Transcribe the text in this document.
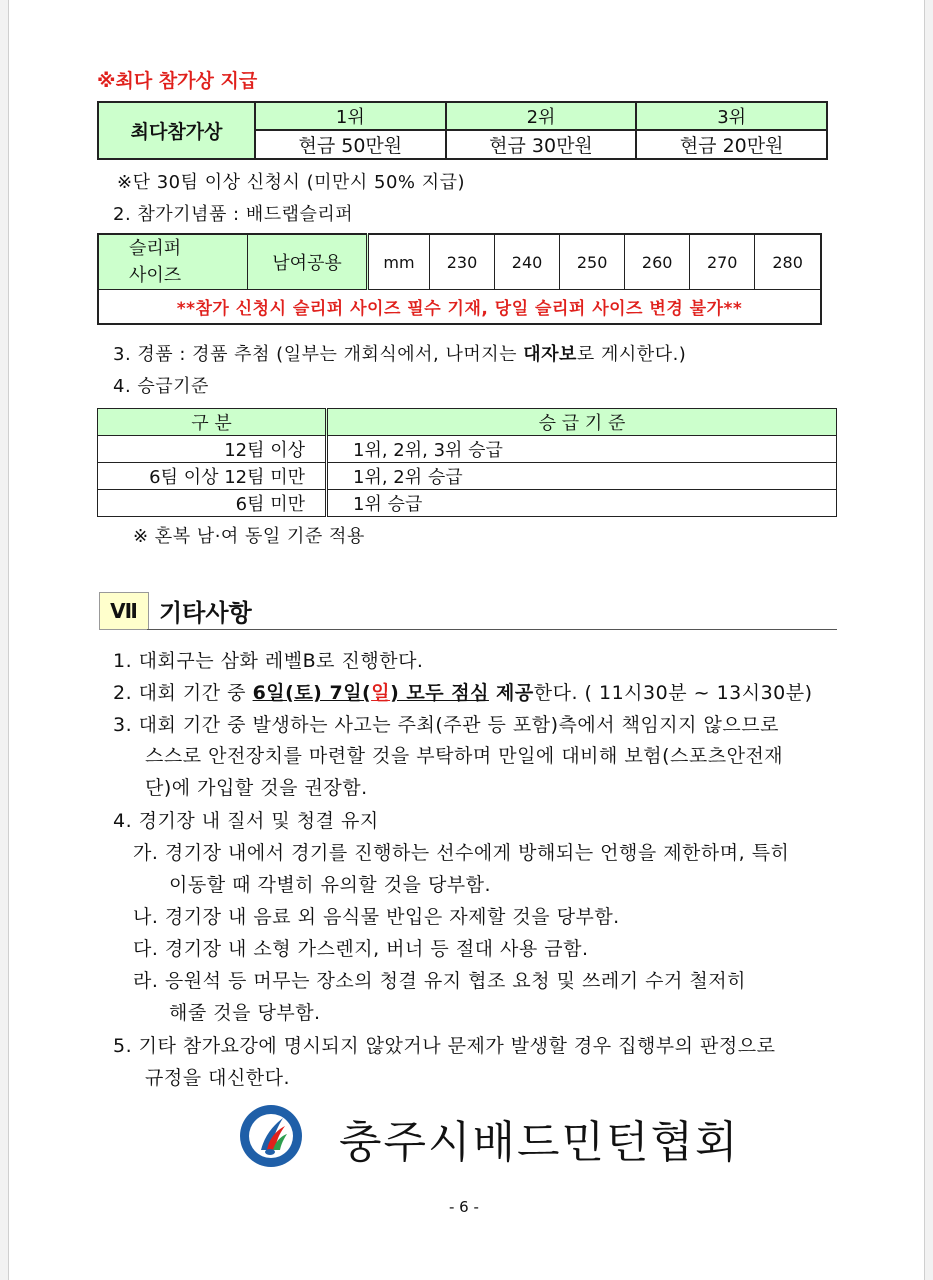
※최다 참가상 지급
최다참가상	1위	2위	3위
	현금 50만원	현금 30만원	현금 20만원
※단 30팀 이상 신청시 (미만시 50% 지급)
2. 참가기념품 : 배드랩슬리퍼
슬리퍼
사이즈	남여공용	mm	230	240	250	260	270	280
**참가 신청시 슬리퍼 사이즈 필수 기재, 당일 슬리퍼 사이즈 변경 불가**
3. 경품 : 경품 추첨 (일부는 개회식에서, 나머지는 대자보로 게시한다.)
4. 승급기준
구 분	승 급 기 준
12팀 이상	1위, 2위, 3위 승급
6팀 이상 12팀 미만	1위, 2위 승급
6팀 미만	1위 승급
※ 혼복 남·여 동일 기준 적용
Ⅶ 기타사항
1. 대회구는 삼화 레벨B로 진행한다.
2. 대회 기간 중 6일(토) 7일(일) 모두 점심 제공한다. ( 11시30분 ~ 13시30분)
3. 대회 기간 중 발생하는 사고는 주최(주관 등 포함)측에서 책임지지 않으므로
스스로 안전장치를 마련할 것을 부탁하며 만일에 대비해 보험(스포츠안전재
단)에 가입할 것을 권장함.
4. 경기장 내 질서 및 청결 유지
가. 경기장 내에서 경기를 진행하는 선수에게 방해되는 언행을 제한하며, 특히
이동할 때 각별히 유의할 것을 당부함.
나. 경기장 내 음료 외 음식물 반입은 자제할 것을 당부함.
다. 경기장 내 소형 가스렌지, 버너 등 절대 사용 금함.
라. 응원석 등 머무는 장소의 청결 유지 협조 요청 및 쓰레기 수거 철저히
해줄 것을 당부함.
5. 기타 참가요강에 명시되지 않았거나 문제가 발생할 경우 집행부의 판정으로
규정을 대신한다.
충주시배드민턴협회
- 6 -
